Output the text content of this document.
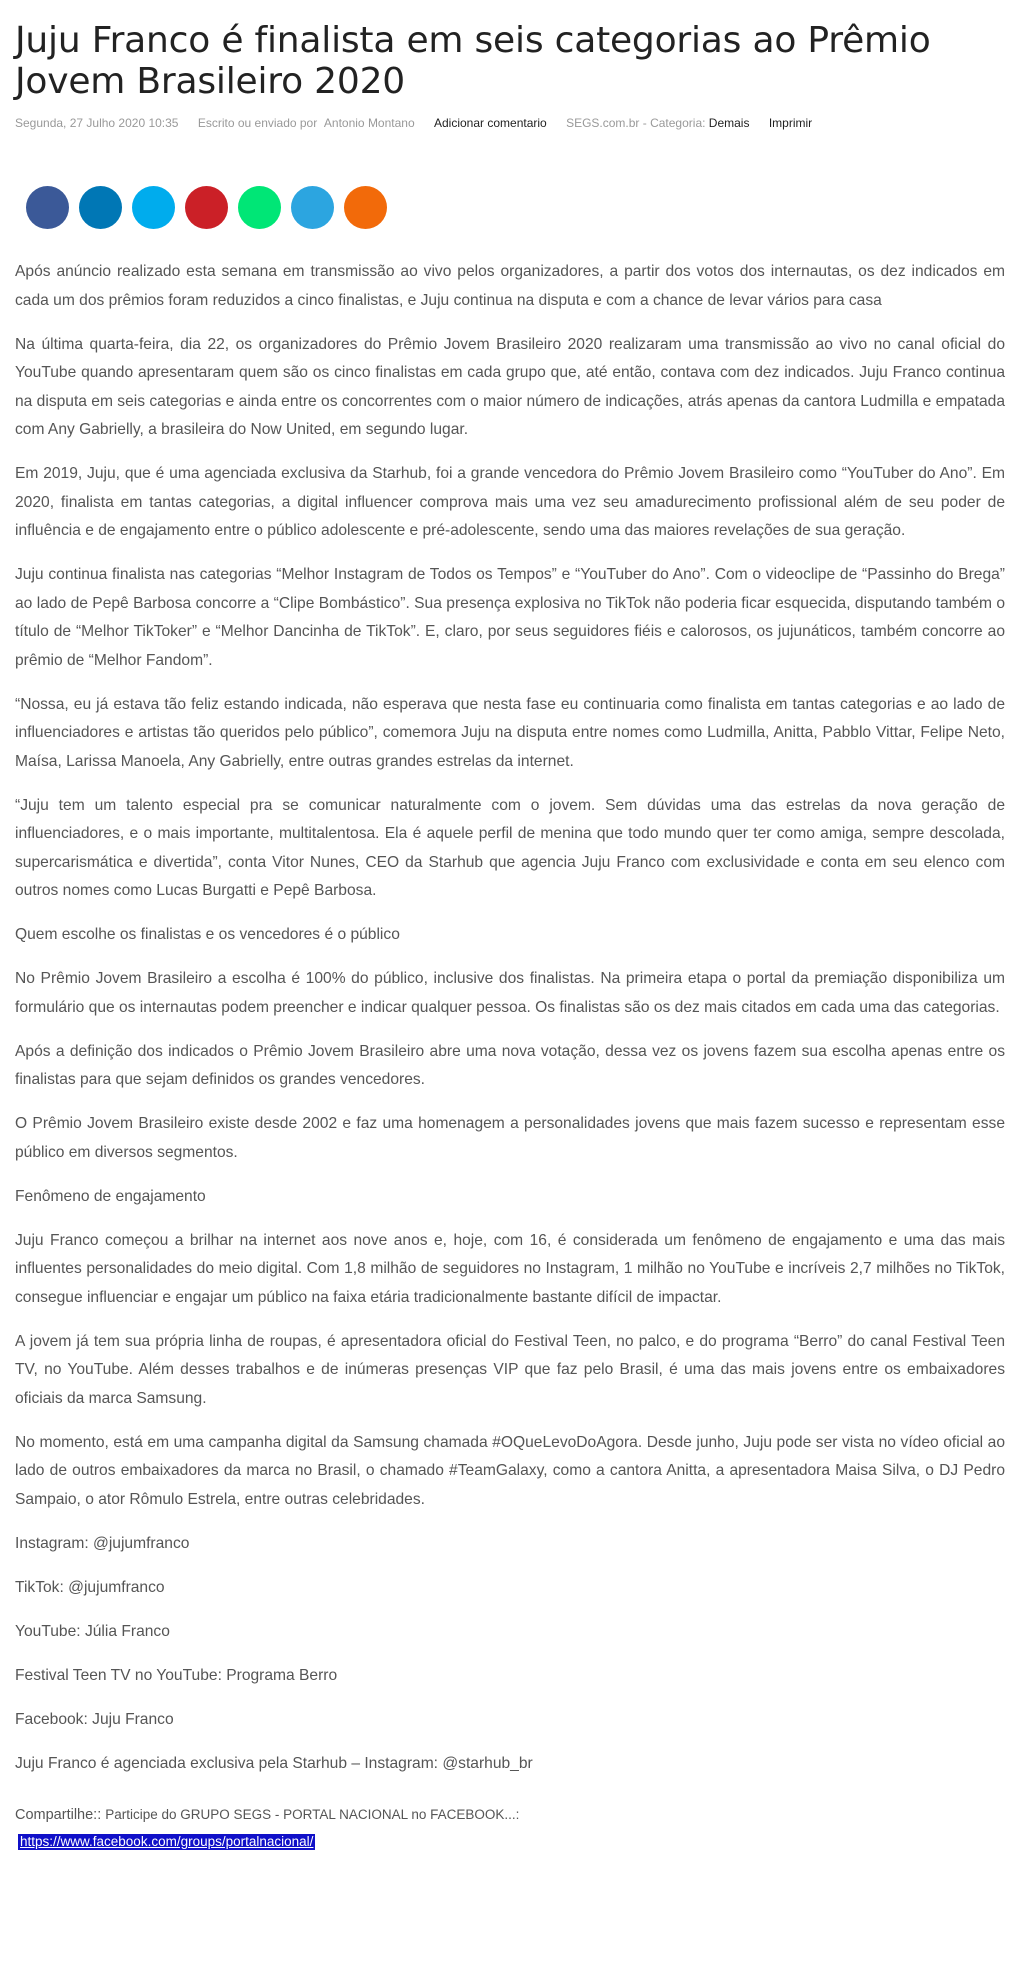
Juju Franco é finalista em seis categorias ao Prêmio Jovem Brasileiro 2020
Segunda, 27 Julho 2020 10:35 Escrito ou enviado por Antonio Montano Adicionar comentario SEGS.com.br - Categoria: Demais Imprimir

Após anúncio realizado esta semana em transmissão ao vivo pelos organizadores, a partir dos votos dos internautas, os dez indicados em cada um dos prêmios foram reduzidos a cinco finalistas, e Juju continua na disputa e com a chance de levar vários para casa

Na última quarta-feira, dia 22, os organizadores do Prêmio Jovem Brasileiro 2020 realizaram uma transmissão ao vivo no canal oficial do YouTube quando apresentaram quem são os cinco finalistas em cada grupo que, até então, contava com dez indicados. Juju Franco continua na disputa em seis categorias e ainda entre os concorrentes com o maior número de indicações, atrás apenas da cantora Ludmilla e empatada com Any Gabrielly, a brasileira do Now United, em segundo lugar.

Em 2019, Juju, que é uma agenciada exclusiva da Starhub, foi a grande vencedora do Prêmio Jovem Brasileiro como “YouTuber do Ano”. Em 2020, finalista em tantas categorias, a digital influencer comprova mais uma vez seu amadurecimento profissional além de seu poder de influência e de engajamento entre o público adolescente e pré-adolescente, sendo uma das maiores revelações de sua geração.

Juju continua finalista nas categorias “Melhor Instagram de Todos os Tempos” e “YouTuber do Ano”. Com o videoclipe de “Passinho do Brega” ao lado de Pepê Barbosa concorre a “Clipe Bombástico”. Sua presença explosiva no TikTok não poderia ficar esquecida, disputando também o título de “Melhor TikToker” e “Melhor Dancinha de TikTok”. E, claro, por seus seguidores fiéis e calorosos, os jujunáticos, também concorre ao prêmio de “Melhor Fandom”.

“Nossa, eu já estava tão feliz estando indicada, não esperava que nesta fase eu continuaria como finalista em tantas categorias e ao lado de influenciadores e artistas tão queridos pelo público”, comemora Juju na disputa entre nomes como Ludmilla, Anitta, Pabblo Vittar, Felipe Neto, Maísa, Larissa Manoela, Any Gabrielly, entre outras grandes estrelas da internet.

“Juju tem um talento especial pra se comunicar naturalmente com o jovem. Sem dúvidas uma das estrelas da nova geração de influenciadores, e o mais importante, multitalentosa. Ela é aquele perfil de menina que todo mundo quer ter como amiga, sempre descolada, supercarismática e divertida”, conta Vitor Nunes, CEO da Starhub que agencia Juju Franco com exclusividade e conta em seu elenco com outros nomes como Lucas Burgatti e Pepê Barbosa.

Quem escolhe os finalistas e os vencedores é o público

No Prêmio Jovem Brasileiro a escolha é 100% do público, inclusive dos finalistas. Na primeira etapa o portal da premiação disponibiliza um formulário que os internautas podem preencher e indicar qualquer pessoa. Os finalistas são os dez mais citados em cada uma das categorias.

Após a definição dos indicados o Prêmio Jovem Brasileiro abre uma nova votação, dessa vez os jovens fazem sua escolha apenas entre os finalistas para que sejam definidos os grandes vencedores.

O Prêmio Jovem Brasileiro existe desde 2002 e faz uma homenagem a personalidades jovens que mais fazem sucesso e representam esse público em diversos segmentos.

Fenômeno de engajamento

Juju Franco começou a brilhar na internet aos nove anos e, hoje, com 16, é considerada um fenômeno de engajamento e uma das mais influentes personalidades do meio digital. Com 1,8 milhão de seguidores no Instagram, 1 milhão no YouTube e incríveis 2,7 milhões no TikTok, consegue influenciar e engajar um público na faixa etária tradicionalmente bastante difícil de impactar.

A jovem já tem sua própria linha de roupas, é apresentadora oficial do Festival Teen, no palco, e do programa “Berro” do canal Festival Teen TV, no YouTube. Além desses trabalhos e de inúmeras presenças VIP que faz pelo Brasil, é uma das mais jovens entre os embaixadores oficiais da marca Samsung.

No momento, está em uma campanha digital da Samsung chamada #OQueLevoDoAgora. Desde junho, Juju pode ser vista no vídeo oficial ao lado de outros embaixadores da marca no Brasil, o chamado #TeamGalaxy, como a cantora Anitta, a apresentadora Maisa Silva, o DJ Pedro Sampaio, o ator Rômulo Estrela, entre outras celebridades.

Instagram: @jujumfranco

TikTok: @jujumfranco

YouTube: Júlia Franco

Festival Teen TV no YouTube: Programa Berro

Facebook: Juju Franco

Juju Franco é agenciada exclusiva pela Starhub – Instagram: @starhub_br

Compartilhe:: Participe do GRUPO SEGS - PORTAL NACIONAL no FACEBOOK...:
https://www.facebook.com/groups/portalnacional/
